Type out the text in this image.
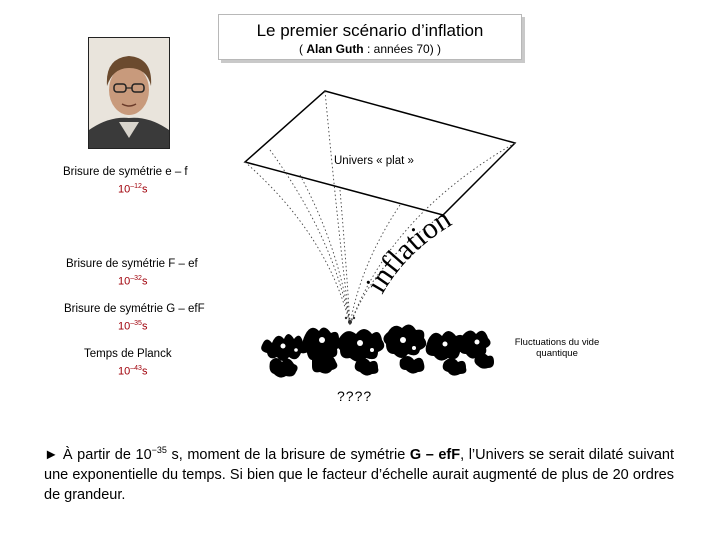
Le premier scénario d’inflation
( Alan Guth : années 70) )
inflation
Univers « plat »
Brisure de symétrie e – f
$10^{-12}s$
Brisure de symétrie F – ef
$10^{-32}s$
Brisure de symétrie G – efF
$10^{-35}s$
Temps de Planck
$10^{-43}s$
Fluctuations du vide quantique
????
► À partir de $10^{-35}$ s, moment de la brisure de symétrie G – efF, l’Univers se serait dilaté suivant une exponentielle du temps. Si bien que le facteur d’échelle aurait augmenté de plus de 20 ordres de grandeur.
